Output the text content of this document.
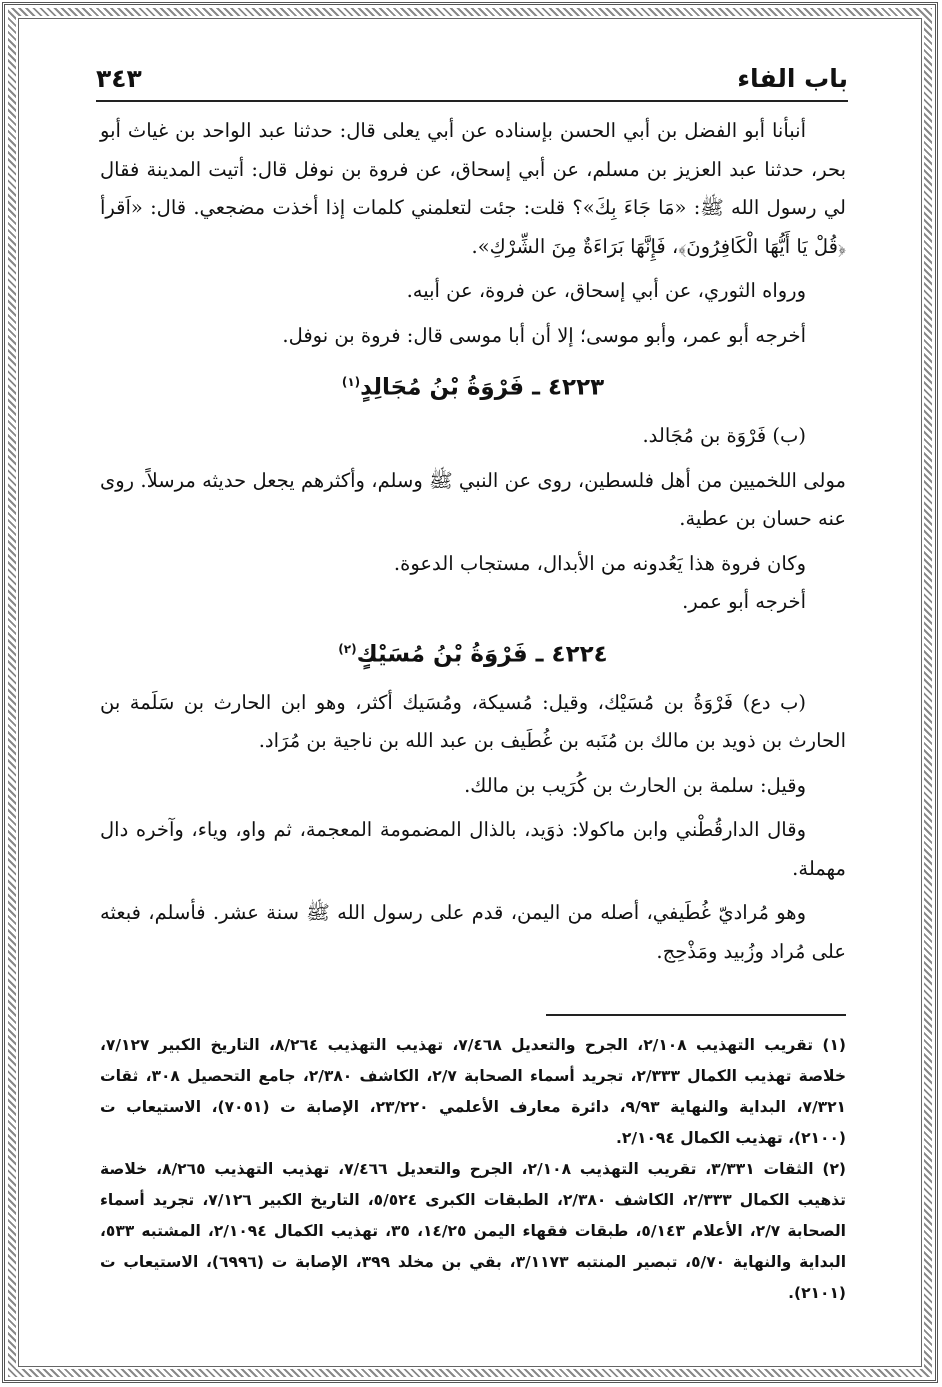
باب الفاء
٣٤٣

أنبأنا أبو الفضل بن أبي الحسن بإسناده عن أبي يعلى قال: حدثنا عبد الواحد بن غياث أبو بحر، حدثنا عبد العزيز بن مسلم، عن أبي إسحاق، عن فروة بن نوفل قال: أتيت المدينة فقال لي رسول الله ﷺ: «مَا جَاءَ بِكَ»؟ قلت: جئت لتعلمني كلمات إذا أخذت مضجعي. قال: «اَقرأ ﴿قُلْ يَا أَيُّهَا الْكَافِرُونَ﴾، فَإِنَّهَا بَرَاءَةٌ مِنَ الشِّرْكِ».

ورواه الثوري، عن أبي إسحاق، عن فروة، عن أبيه.

أخرجه أبو عمر، وأبو موسى؛ إلا أن أبا موسى قال: فروة بن نوفل.

٤٢٢٣ ـ فَرْوَةُ بْنُ مُجَالِدٍ$^{(١)}$

(ب) فَرْوَة بن مُجَالد.

مولى اللخميين من أهل فلسطين، روى عن النبي ﷺ وسلم، وأكثرهم يجعل حديثه مرسلاً. روى عنه حسان بن عطية.

وكان فروة هذا يَعُدونه من الأبدال، مستجاب الدعوة.

أخرجه أبو عمر.

٤٢٢٤ ـ فَرْوَةُ بْنُ مُسَيْكٍ$^{(٢)}$

(ب دع) فَرْوَةُ بن مُسَيْك، وقيل: مُسيكة، ومُسَيك أكثر، وهو ابن الحارث بن سَلَمة بن الحارث بن ذويد بن مالك بن مُنَبه بن غُطَيف بن عبد الله بن ناجية بن مُرَاد.

وقيل: سلمة بن الحارث بن كُرَيب بن مالك.

وقال الدارقُطْني وابن ماكولا: ذوَيد، بالذال المضمومة المعجمة، ثم واو، وياء، وآخره دال مهملة.

وهو مُراديّ غُطَيفي، أصله من اليمن، قدم على رسول الله ﷺ سنة عشر. فأسلم، فبعثه على مُراد وزُبيد ومَذْحِج.

(١) تقريب التهذيب ٢/١٠٨، الجرح والتعديل ٧/٤٦٨، تهذيب التهذيب ٨/٢٦٤، التاريخ الكبير ٧/١٢٧، خلاصة تهذيب الكمال ٢/٣٣٣، تجريد أسماء الصحابة ٢/٧، الكاشف ٢/٣٨٠، جامع التحصيل ٣٠٨، ثقات ٧/٣٢١، البداية والنهاية ٩/٩٣، دائرة معارف الأعلمي ٢٣/٢٢٠، الإصابة ت (٧٠٥١)، الاستيعاب ت (٢١٠٠)، تهذيب الكمال ٢/١٠٩٤.

(٢) الثقات ٣/٣٣١، تقريب التهذيب ٢/١٠٨، الجرح والتعديل ٧/٤٦٦، تهذيب التهذيب ٨/٢٦٥، خلاصة تذهيب الكمال ٢/٣٣٣، الكاشف ٢/٣٨٠، الطبقات الكبرى ٥/٥٢٤، التاريخ الكبير ٧/١٢٦، تجريد أسماء الصحابة ٢/٧، الأعلام ٥/١٤٣، طبقات فقهاء اليمن ١٤/٢٥، ٣٥، تهذيب الكمال ٢/١٠٩٤، المشتبه ٥٣٣، البداية والنهاية ٥/٧٠، تبصير المنتبه ٣/١١٧٣، بقي بن مخلد ٣٩٩، الإصابة ت (٦٩٩٦)، الاستيعاب ت (٢١٠١).
